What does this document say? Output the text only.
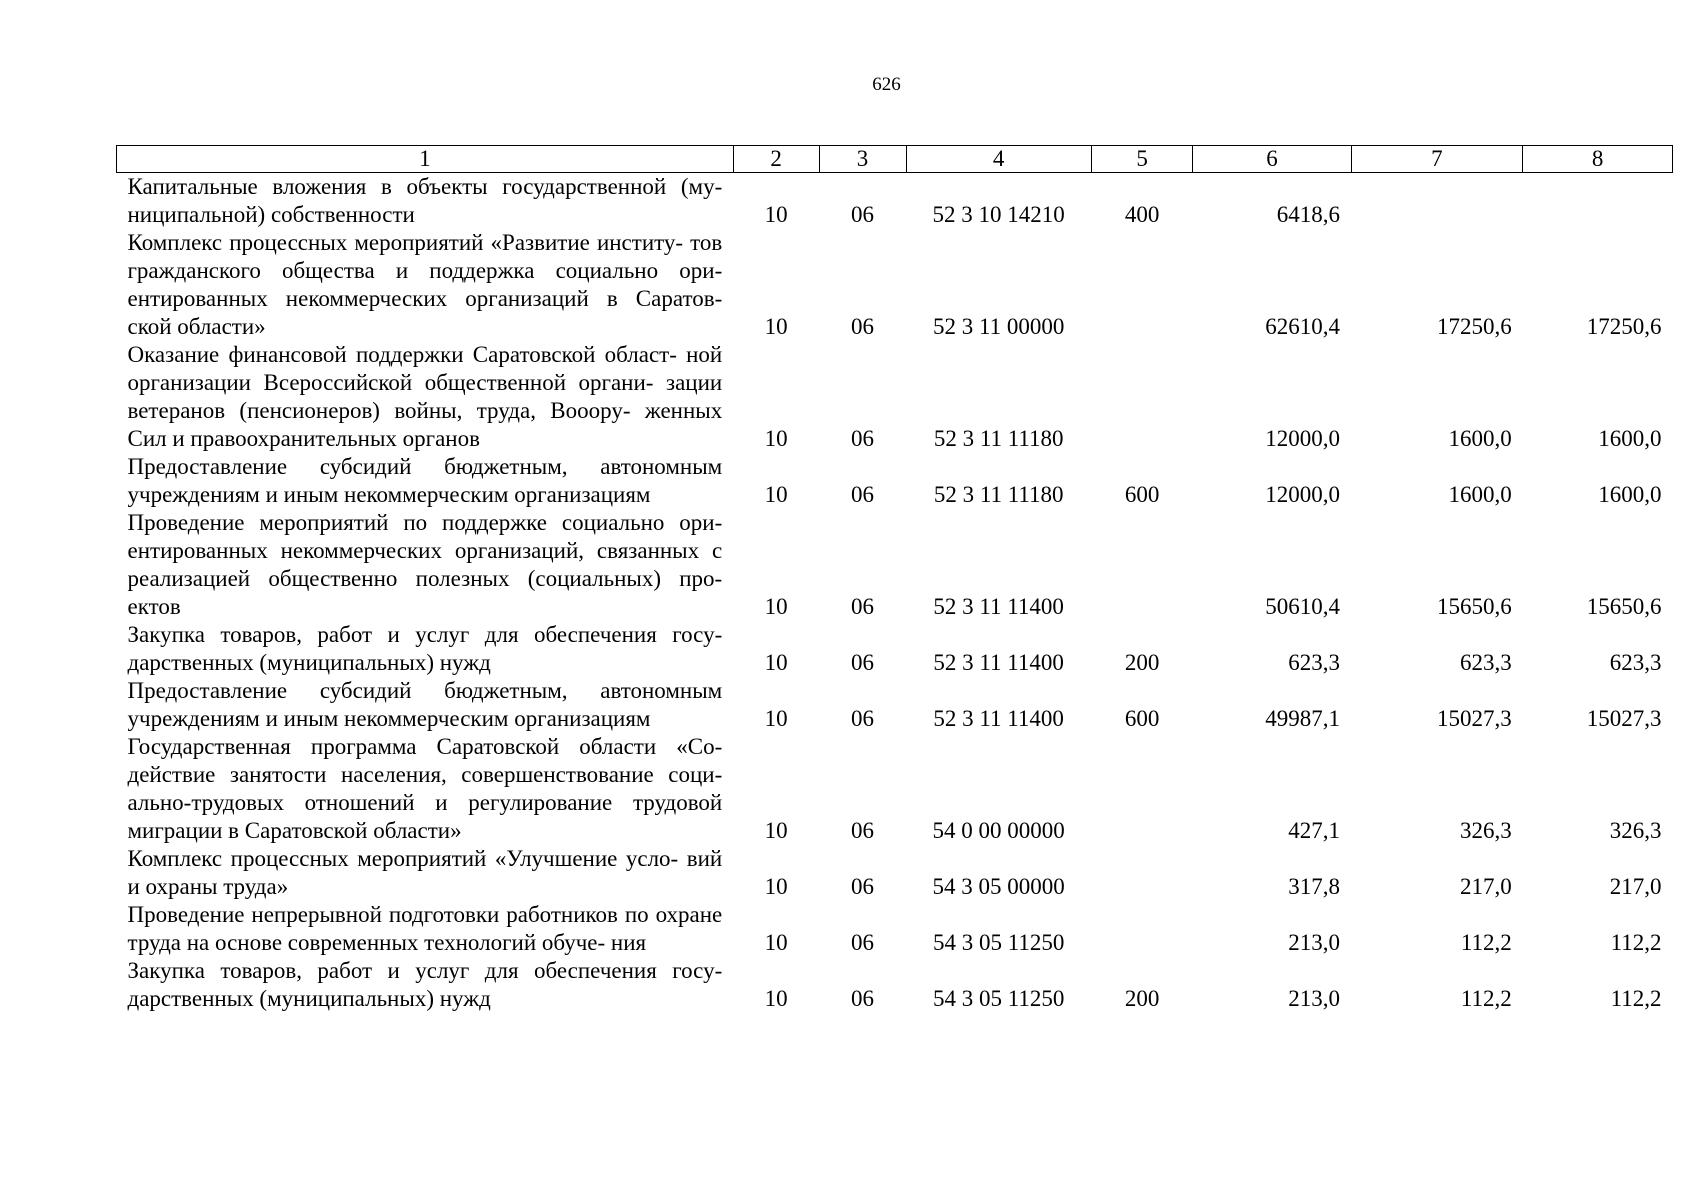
626
1	2	3	4	5	6	7	8
Капитальные вложения в объекты государственной (му- ниципальной) собственности	10	06	52 3 10 14210	400	6418,6		
Комплекс процессных мероприятий «Развитие институ- тов гражданского общества и поддержка социально ори- ентированных некоммерческих организаций в Саратов- ской области»	10	06	52 3 11 00000		62610,4	17250,6	17250,6
Оказание финансовой поддержки Саратовской област- ной организации Всероссийской общественной органи- зации ветеранов (пенсионеров) войны, труда, Вооору- женных Сил и правоохранительных органов	10	06	52 3 11 11180		12000,0	1600,0	1600,0
Предоставление субсидий бюджетным, автономным учреждениям и иным некоммерческим организациям	10	06	52 3 11 11180	600	12000,0	1600,0	1600,0
Проведение мероприятий по поддержке социально ори- ентированных некоммерческих организаций, связанных с реализацией общественно полезных (социальных) про- ектов	10	06	52 3 11 11400		50610,4	15650,6	15650,6
Закупка товаров, работ и услуг для обеспечения госу- дарственных (муниципальных) нужд	10	06	52 3 11 11400	200	623,3	623,3	623,3
Предоставление субсидий бюджетным, автономным учреждениям и иным некоммерческим организациям	10	06	52 3 11 11400	600	49987,1	15027,3	15027,3
Государственная программа Саратовской области «Со- действие занятости населения, совершенствование соци- ально-трудовых отношений и регулирование трудовой миграции в Саратовской области»	10	06	54 0 00 00000		427,1	326,3	326,3
Комплекс процессных мероприятий «Улучшение усло- вий и охраны труда»	10	06	54 3 05 00000		317,8	217,0	217,0
Проведение непрерывной подготовки работников по охране труда на основе современных технологий обуче- ния	10	06	54 3 05 11250		213,0	112,2	112,2
Закупка товаров, работ и услуг для обеспечения госу- дарственных (муниципальных) нужд	10	06	54 3 05 11250	200	213,0	112,2	112,2
